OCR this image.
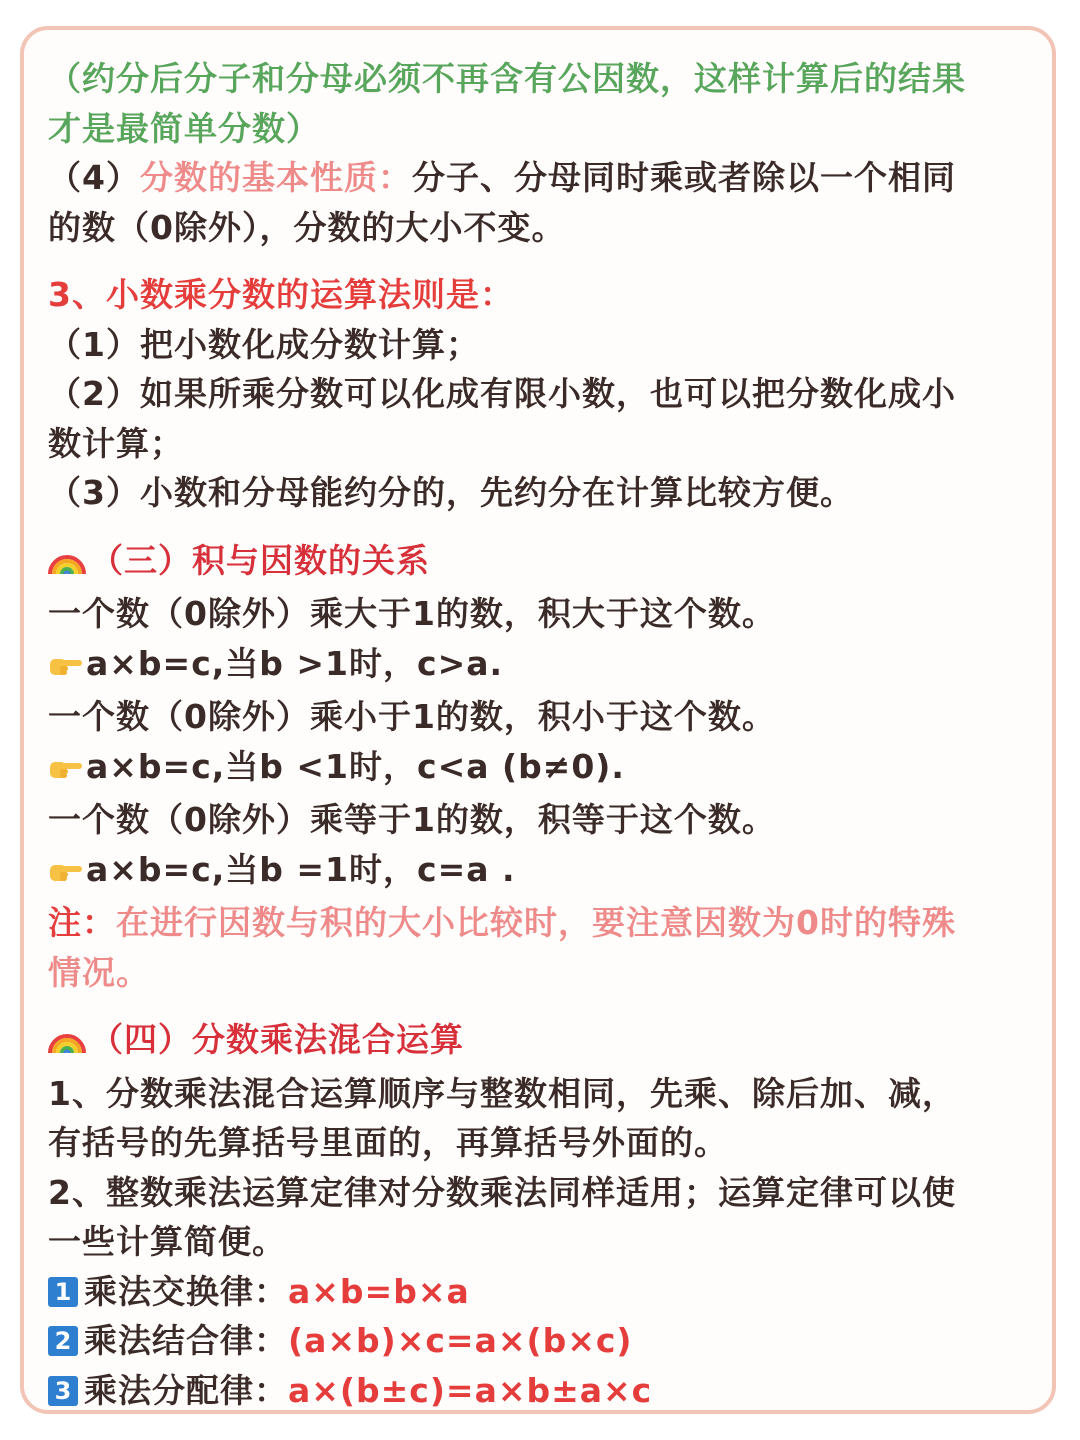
（约分后分子和分母必须不再含有公因数，这样计算后的结果
才是最简单分数）
（4）分数的基本性质：分子、分母同时乘或者除以一个相同
的数（0除外），分数的大小不变。
3、小数乘分数的运算法则是：
（1）把小数化成分数计算；
（2）如果所乘分数可以化成有限小数，也可以把分数化成小
数计算；
（3）小数和分母能约分的，先约分在计算比较方便。
（三）积与因数的关系
一个数（0除外）乘大于1的数，积大于这个数。
a×b=c,当b >1时，c>a.
一个数（0除外）乘小于1的数，积小于这个数。
a×b=c,当b <1时，c<a (b≠0).
一个数（0除外）乘等于1的数，积等于这个数。
a×b=c,当b =1时，c=a .
注：在进行因数与积的大小比较时，要注意因数为0时的特殊
情况。
（四）分数乘法混合运算
1、分数乘法混合运算顺序与整数相同，先乘、除后加、减，
有括号的先算括号里面的，再算括号外面的。
2、整数乘法运算定律对分数乘法同样适用；运算定律可以使
一些计算简便。
1 乘法交换律：a×b=b×a
2 乘法结合律：(a×b)×c=a×(b×c)
3 乘法分配律：a×(b±c)=a×b±a×c
